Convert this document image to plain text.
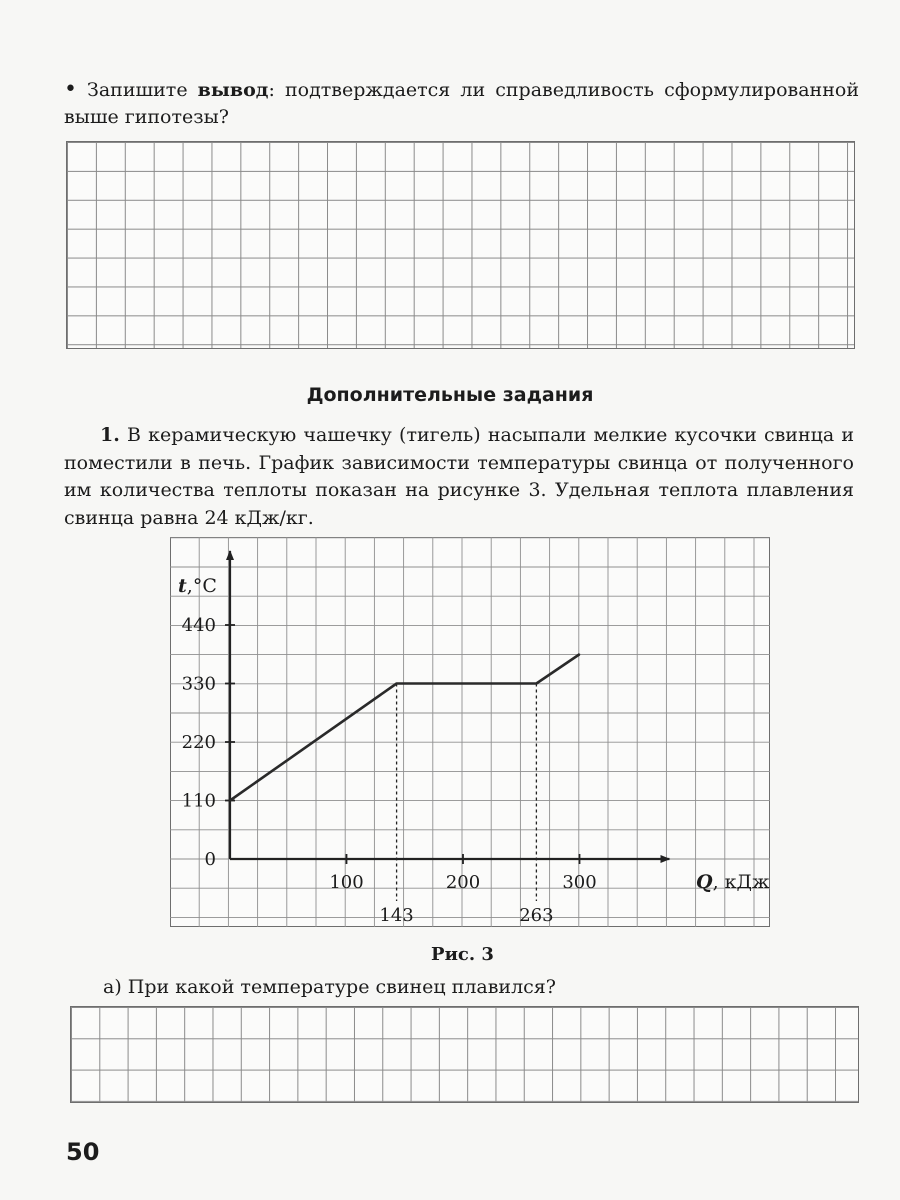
• Запишите вывод: подтверждается ли справедливость сформулированной выше гипотезы?
Дополнительные задания
1. В керамическую чашечку (тигель) насыпали мелкие кусочки свинца и поместили в печь. График зависимости температуры свинца от полученного им количества теплоты показан на рисунке 3. Удельная теплота плавления свинца равна 24 кДж/кг.
0
110
220
330
440
100	200	300
143	263
t,°C
Q, кДж
Рис. 3
а) При какой температуре свинец плавился?
50
